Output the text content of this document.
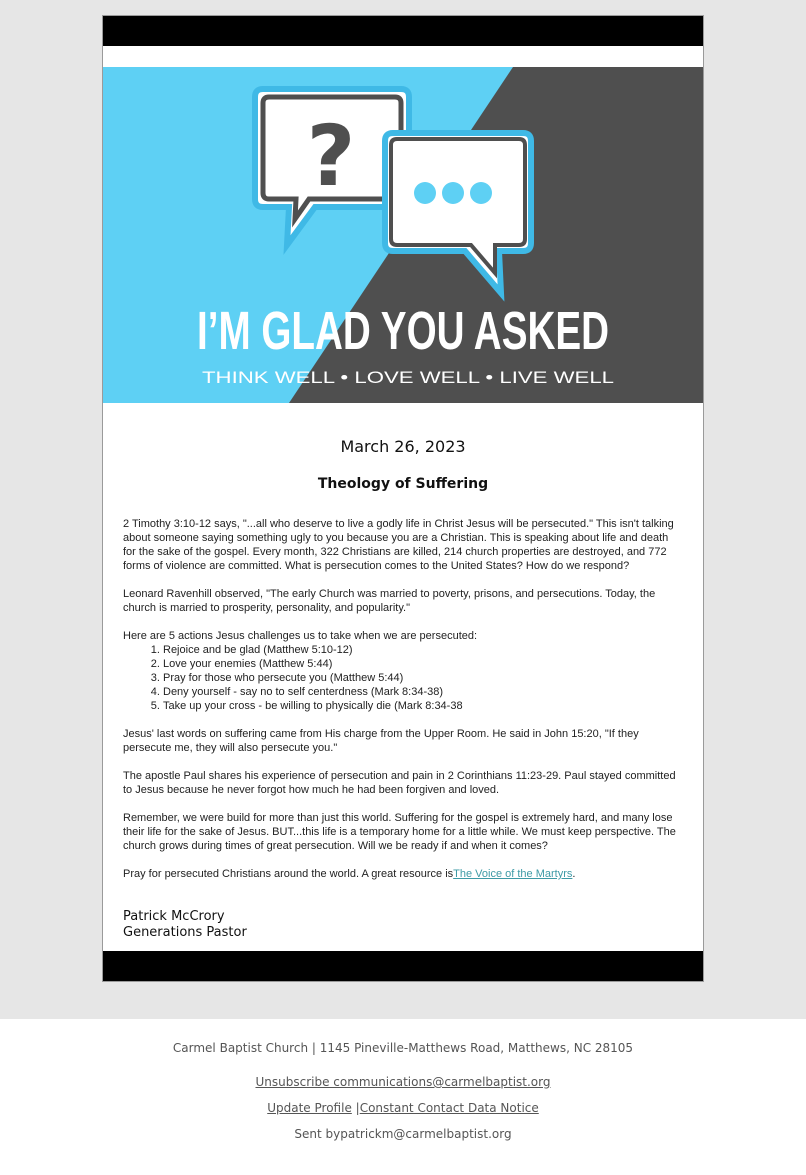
?
I’M GLAD YOU ASKED
THINK WELL • LOVE WELL • LIVE WELL
March 26, 2023
Theology of Suffering

2 Timothy 3:10-12 says, "...all who deserve to live a godly life in Christ Jesus will be persecuted." This isn't talking about someone saying something ugly to you because you are a Christian. This is speaking about life and death for the sake of the gospel. Every month, 322 Christians are killed, 214 church properties are destroyed, and 772 forms of violence are committed. What is persecution comes to the United States? How do we respond?

Leonard Ravenhill observed, "The early Church was married to poverty, prisons, and persecutions. Today, the church is married to prosperity, personality, and popularity."

Here are 5 actions Jesus challenges us to take when we are persecuted:
1. Rejoice and be glad (Matthew 5:10-12)
2. Love your enemies (Matthew 5:44)
3. Pray for those who persecute you (Matthew 5:44)
4. Deny yourself - say no to self centerdness (Mark 8:34-38)
5. Take up your cross - be willing to physically die (Mark 8:34-38

Jesus' last words on suffering came from His charge from the Upper Room. He said in John 15:20, "If they persecute me, they will also persecute you."

The apostle Paul shares his experience of persecution and pain in 2 Corinthians 11:23-29. Paul stayed committed to Jesus because he never forgot how much he had been forgiven and loved.

Remember, we were build for more than just this world. Suffering for the gospel is extremely hard, and many lose their life for the sake of Jesus. BUT...this life is a temporary home for a little while. We must keep perspective. The church grows during times of great persecution. Will we be ready if and when it comes?

Pray for persecuted Christians around the world. A great resource isThe Voice of the Martyrs.

Patrick McCrory
Generations Pastor
Carmel Baptist Church | 1145 Pineville-Matthews Road, Matthews, NC 28105
Unsubscribe communications@carmelbaptist.org
Update Profile |Constant Contact Data Notice
Sent bypatrickm@carmelbaptist.org
